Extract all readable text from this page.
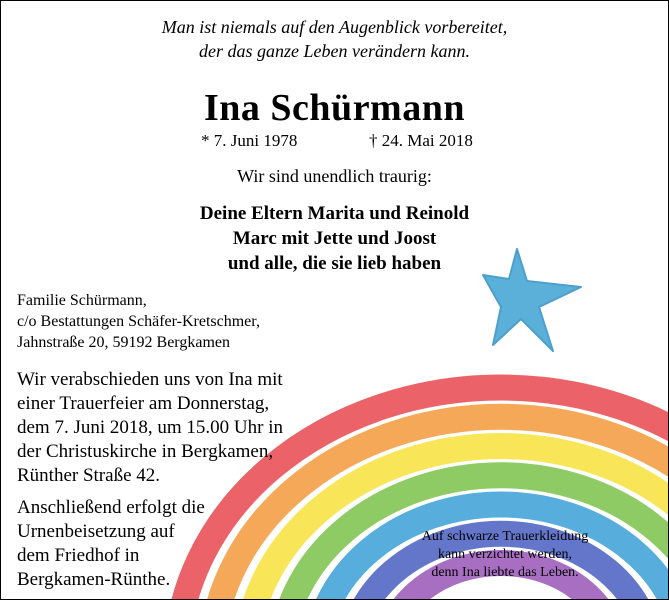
Man ist niemals auf den Augenblick vorbereitet,
der das ganze Leben verändern kann.
Ina Schürmann
* 7. Juni 1978	† 24. Mai 2018
Wir sind unendlich traurig:
Deine Eltern Marita und Reinold
Marc mit Jette und Joost
und alle, die sie lieb haben
Familie Schürmann,
c/o Bestattungen Schäfer-Kretschmer,
Jahnstraße 20, 59192 Bergkamen
Wir verabschieden uns von Ina mit
einer Trauerfeier am Donnerstag,
dem 7. Juni 2018, um 15.00 Uhr in
der Christuskirche in Bergkamen,
Rünther Straße 42.
Anschließend erfolgt die
Urnenbeisetzung auf
dem Friedhof in
Bergkamen-Rünthe.
Auf schwarze Trauerkleidung
kann verzichtet werden,
denn Ina liebte das Leben.
